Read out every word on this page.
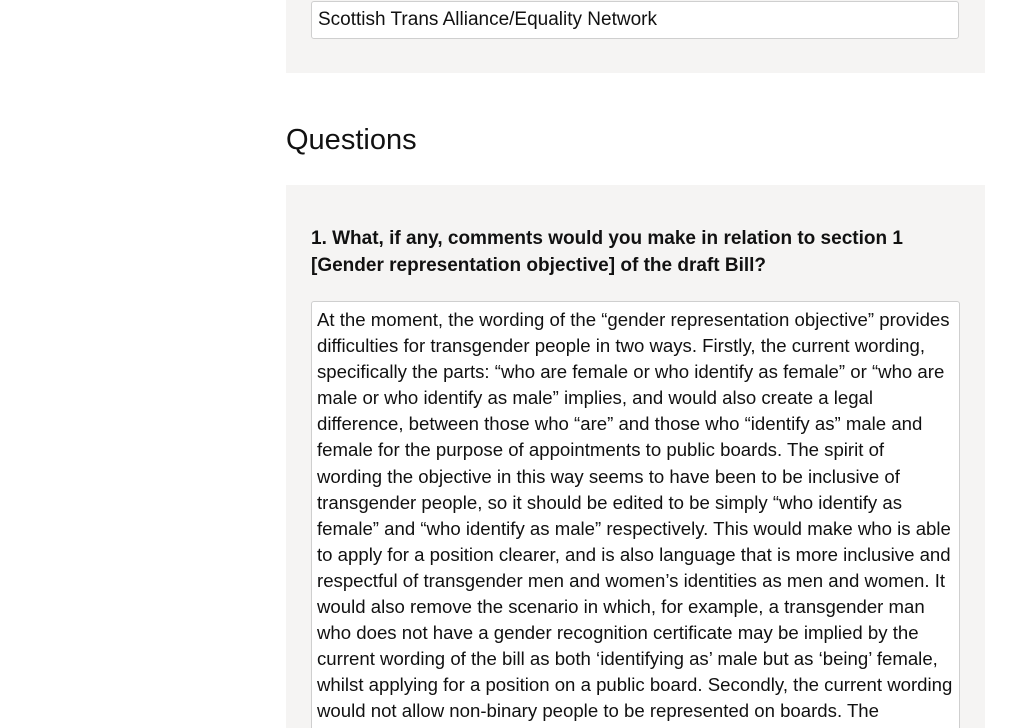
Scottish Trans Alliance/Equality Network
Questions

1. What, if any, comments would you make in relation to section 1 [Gender representation objective] of the draft Bill?

At the moment, the wording of the “gender representation objective” provides difficulties for transgender people in two ways. Firstly, the current wording, specifically the parts: “who are female or who identify as female” or “who are male or who identify as male” implies, and would also create a legal difference, between those who “are” and those who “identify as” male and female for the purpose of appointments to public boards. The spirit of wording the objective in this way seems to have been to be inclusive of transgender people, so it should be edited to be simply “who identify as female” and “who identify as male” respectively. This would make who is able to apply for a position clearer, and is also language that is more inclusive and respectful of transgender men and women’s identities as men and women. It would also remove the scenario in which, for example, a transgender man who does not have a gender recognition certificate may be implied by the current wording of the bill as both ‘identifying as’ male but as ‘being’ female, whilst applying for a position on a public board. Secondly, the current wording would not allow non-binary people to be represented on boards. The
